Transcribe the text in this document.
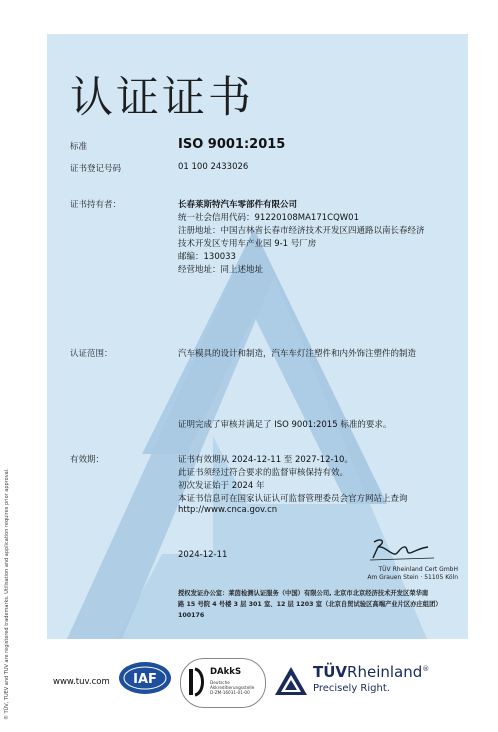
认证证书
标准	ISO 9001:2015
证书登记号码	01 100 2433026
证书持有者：	长春莱斯特汽车零部件有限公司
统一社会信用代码：91220108MA171CQW01
注册地址：中国吉林省长春市经济技术开发区四通路以南长春经济
技术开发区专用车产业园 9-1 号厂房
邮编：130033
经营地址：同上述地址
认证范围：	汽车模具的设计和制造，汽车车灯注塑件和内外饰注塑件的制造
证明完成了审核并满足了 ISO 9001:2015 标准的要求。
有效期：	证书有效期从 2024-12-11 至 2027-12-10。
此证书须经过符合要求的监督审核保持有效。
初次发证始于 2024 年
本证书信息可在国家认证认可监督管理委员会官方网站上查询
http://www.cnca.gov.cn
2024-12-11
TÜV Rheinland Cert GmbH
Am Grauen Stein · 51105 Köln
授权发证办公室：莱茵检测认证服务（中国）有限公司, 北京市北京经济技术开发区荣华南
路 15 号院 4 号楼 3 层 301 室、12 层 1203 室（北京自贸试验区高端产业片区亦庄组团）
100176
® TÜV, TUEV and TUV are registered trademarks. Utilisation and application requires prior approval.	www.tuv.com IAF	DAkkS
Deutsche
Akkreditierungsstelle
D-ZM-16031-01-00
TÜVRheinland®
Precisely Right.
